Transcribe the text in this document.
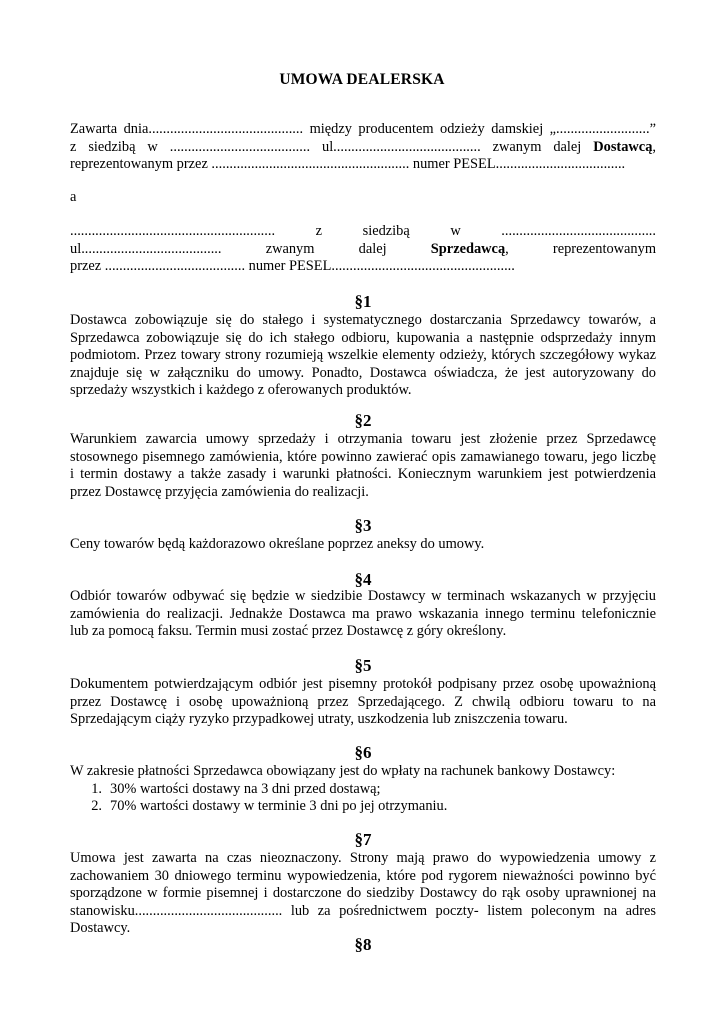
UMOWA DEALERSKA
Zawarta dnia........................................... między producentem odzieży damskiej „..........................”
z siedzibą w ....................................... ul......................................... zwanym dalej Dostawcą,
reprezentowanym przez ....................................................... numer PESEL....................................
a
......................................................... z siedzibą w ...........................................
ul....................................... zwanym dalej Sprzedawcą, reprezentowanym
przez ....................................... numer PESEL...................................................
§1
Dostawca zobowiązuje się do stałego i systematycznego dostarczania Sprzedawcy towarów, a
Sprzedawca zobowiązuje się do ich stałego odbioru, kupowania a następnie odsprzedaży innym
podmiotom. Przez towary strony rozumieją wszelkie elementy odzieży, których szczegółowy wykaz
znajduje się w załączniku do umowy. Ponadto, Dostawca oświadcza, że jest autoryzowany do
sprzedaży wszystkich i każdego z oferowanych produktów.
§2
Warunkiem zawarcia umowy sprzedaży i otrzymania towaru jest złożenie przez Sprzedawcę
stosownego pisemnego zamówienia, które powinno zawierać opis zamawianego towaru, jego liczbę
i termin dostawy a także zasady i warunki płatności. Koniecznym warunkiem jest potwierdzenia
przez Dostawcę przyjęcia zamówienia do realizacji.
§3
Ceny towarów będą każdorazowo określane poprzez aneksy do umowy.
§4
Odbiór towarów odbywać się będzie w siedzibie Dostawcy w terminach wskazanych w przyjęciu
zamówienia do realizacji. Jednakże Dostawca ma prawo wskazania innego terminu telefonicznie
lub za pomocą faksu. Termin musi zostać przez Dostawcę z góry określony.
§5
Dokumentem potwierdzającym odbiór jest pisemny protokół podpisany przez osobę upoważnioną
przez Dostawcę i osobę upoważnioną przez Sprzedającego. Z chwilą odbioru towaru to na
Sprzedającym ciąży ryzyko przypadkowej utraty, uszkodzenia lub zniszczenia towaru.
§6
W zakresie płatności Sprzedawca obowiązany jest do wpłaty na rachunek bankowy Dostawcy:
1. 30% wartości dostawy na 3 dni przed dostawą;
2. 70% wartości dostawy w terminie 3 dni po jej otrzymaniu.
§7
Umowa jest zawarta na czas nieoznaczony. Strony mają prawo do wypowiedzenia umowy z
zachowaniem 30 dniowego terminu wypowiedzenia, które pod rygorem nieważności powinno być
sporządzone w formie pisemnej i dostarczone do siedziby Dostawcy do rąk osoby uprawnionej na
stanowisku......................................... lub za pośrednictwem poczty- listem poleconym na adres
Dostawcy.
§8
